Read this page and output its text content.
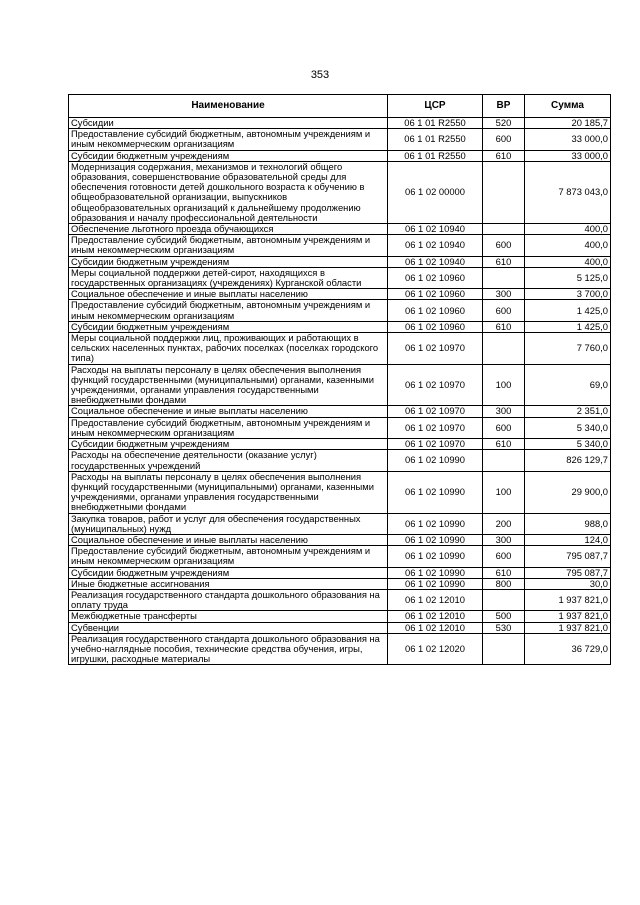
353
Наименование	ЦСР	ВР	Сумма
Субсидии	06 1 01 R2550	520	20 185,7
Предоставление субсидий бюджетным, автономным учреждениям и иным некоммерческим организациям	06 1 01 R2550	600	33 000,0
Субсидии бюджетным учреждениям	06 1 01 R2550	610	33 000,0
Модернизация содержания, механизмов и технологий общего образования, совершенствование образовательной среды для обеспечения готовности детей дошкольного возраста к обучению в общеобразовательной организации, выпускников общеобразовательных организаций к дальнейшему продолжению образования и началу профессиональной деятельности	06 1 02 00000		7 873 043,0
Обеспечение льготного проезда обучающихся	06 1 02 10940		400,0
Предоставление субсидий бюджетным, автономным учреждениям и иным некоммерческим организациям	06 1 02 10940	600	400,0
Субсидии бюджетным учреждениям	06 1 02 10940	610	400,0
Меры социальной поддержки детей-сирот, находящихся в государственных организациях (учреждениях) Курганской области	06 1 02 10960		5 125,0
Социальное обеспечение и иные выплаты населению	06 1 02 10960	300	3 700,0
Предоставление субсидий бюджетным, автономным учреждениям и иным некоммерческим организациям	06 1 02 10960	600	1 425,0
Субсидии бюджетным учреждениям	06 1 02 10960	610	1 425,0
Меры социальной поддержки лиц, проживающих и работающих в сельских населенных пунктах, рабочих поселках (поселках городского типа)	06 1 02 10970		7 760,0
Расходы на выплаты персоналу в целях обеспечения выполнения функций государственными (муниципальными) органами, казенными учреждениями, органами управления государственными внебюджетными фондами	06 1 02 10970	100	69,0
Социальное обеспечение и иные выплаты населению	06 1 02 10970	300	2 351,0
Предоставление субсидий бюджетным, автономным учреждениям и иным некоммерческим организациям	06 1 02 10970	600	5 340,0
Субсидии бюджетным учреждениям	06 1 02 10970	610	5 340,0
Расходы на обеспечение деятельности (оказание услуг) государственных учреждений	06 1 02 10990		826 129,7
Расходы на выплаты персоналу в целях обеспечения выполнения функций государственными (муниципальными) органами, казенными учреждениями, органами управления государственными внебюджетными фондами	06 1 02 10990	100	29 900,0
Закупка товаров, работ и услуг для обеспечения государственных (муниципальных) нужд	06 1 02 10990	200	988,0
Социальное обеспечение и иные выплаты населению	06 1 02 10990	300	124,0
Предоставление субсидий бюджетным, автономным учреждениям и иным некоммерческим организациям	06 1 02 10990	600	795 087,7
Субсидии бюджетным учреждениям	06 1 02 10990	610	795 087,7
Иные бюджетные ассигнования	06 1 02 10990	800	30,0
Реализация государственного стандарта дошкольного образования на оплату труда	06 1 02 12010		1 937 821,0
Межбюджетные трансферты	06 1 02 12010	500	1 937 821,0
Субвенции	06 1 02 12010	530	1 937 821,0
Реализация государственного стандарта дошкольного образования на учебно-наглядные пособия, технические средства обучения, игры, игрушки, расходные материалы	06 1 02 12020		36 729,0
